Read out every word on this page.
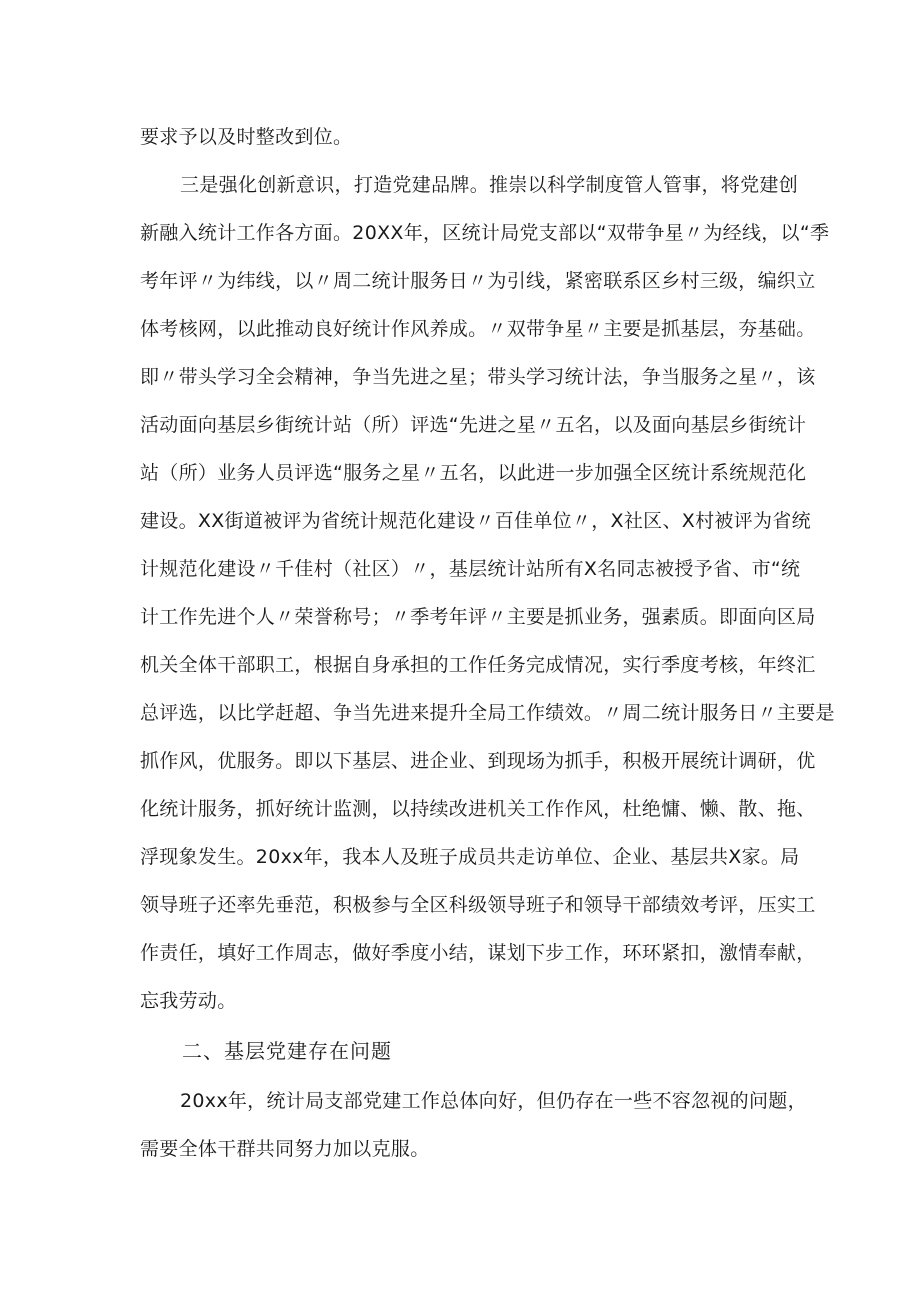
要求予以及时整改到位。
三是强化创新意识，打造党建品牌。推崇以科学制度管人管事，将党建创
新融入统计工作各方面。20XX年，区统计局党支部以“双带争星〃为经线，以“季
考年评〃为纬线，以〃周二统计服务日〃为引线，紧密联系区乡村三级，编织立
体考核网，以此推动良好统计作风养成。〃双带争星〃主要是抓基层，夯基础。
即〃带头学习全会精神，争当先进之星；带头学习统计法，争当服务之星〃，该
活动面向基层乡街统计站（所）评选“先进之星〃五名，以及面向基层乡街统计
站（所）业务人员评选“服务之星〃五名，以此进一步加强全区统计系统规范化
建设。XX街道被评为省统计规范化建设〃百佳单位〃，X社区、X村被评为省统
计规范化建设〃千佳村（社区）〃，基层统计站所有X名同志被授予省、市“统
计工作先进个人〃荣誉称号；〃季考年评〃主要是抓业务，强素质。即面向区局
机关全体干部职工，根据自身承担的工作任务完成情况，实行季度考核，年终汇
总评选，以比学赶超、争当先进来提升全局工作绩效。〃周二统计服务日〃主要是
抓作风，优服务。即以下基层、进企业、到现场为抓手，积极开展统计调研，优
化统计服务，抓好统计监测，以持续改进机关工作作风，杜绝慵、懒、散、拖、
浮现象发生。20xx年，我本人及班子成员共走访单位、企业、基层共X家。局
领导班子还率先垂范，积极参与全区科级领导班子和领导干部绩效考评，压实工
作责任，填好工作周志，做好季度小结，谋划下步工作，环环紧扣，激情奉献，
忘我劳动。
二、基层党建存在问题
20xx年，统计局支部党建工作总体向好，但仍存在一些不容忽视的问题，
需要全体干群共同努力加以克服。
